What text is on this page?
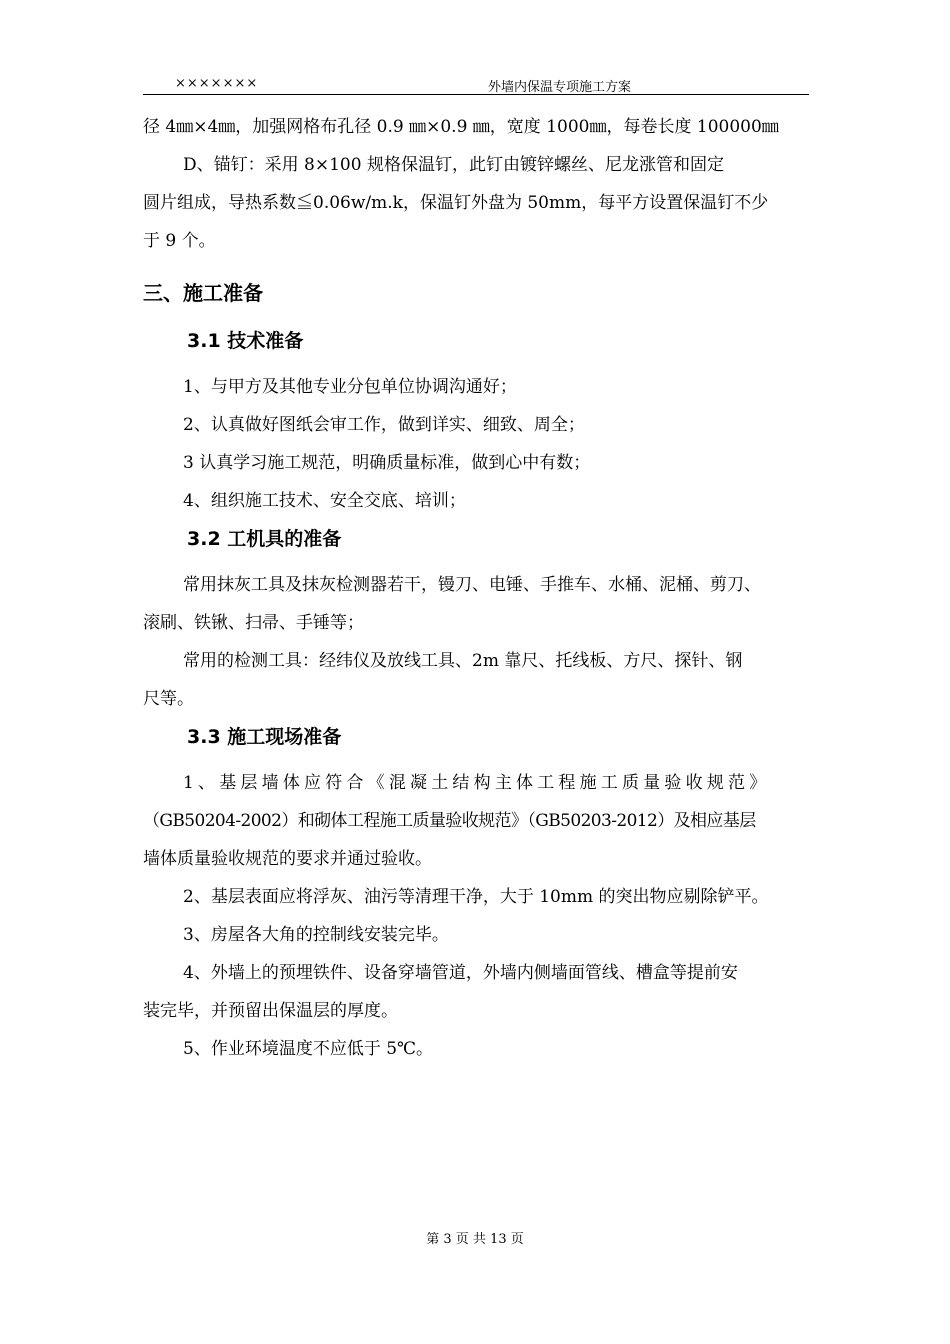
×××××××	外墙内保温专项施工方案

径 4㎜×4㎜，加强网格布孔径 0.9 ㎜×0.9 ㎜，宽度 1000㎜，每卷长度 100000㎜

D、锚钉：采用 8×100 规格保温钉，此钉由镀锌螺丝、尼龙涨管和固定

圆片组成，导热系数≦0.06w/m.k，保温钉外盘为 50mm，每平方设置保温钉不少

于 9 个。

三、施工准备

3.1 技术准备

1、与甲方及其他专业分包单位协调沟通好；

2、认真做好图纸会审工作，做到详实、细致、周全；

3 认真学习施工规范，明确质量标准，做到心中有数；

4、组织施工技术、安全交底、培训；

3.2 工机具的准备

常用抹灰工具及抹灰检测器若干，镘刀、电锤、手推车、水桶、泥桶、剪刀、

滚刷、铁锹、扫帚、手锤等；

常用的检测工具：经纬仪及放线工具、2m 靠尺、托线板、方尺、探针、钢

尺等。

3.3 施工现场准备

1、基层墙体应符合《混凝土结构主体工程施工质量验收规范》

（GB50204-2002）和砌体工程施工质量验收规范》（GB50203-2012）及相应基层

墙体质量验收规范的要求并通过验收。

2、基层表面应将浮灰、油污等清理干净，大于 10mm 的突出物应剔除铲平。

3、房屋各大角的控制线安装完毕。

4、外墙上的预埋铁件、设备穿墙管道，外墙内侧墙面管线、槽盒等提前安

装完毕，并预留出保温层的厚度。

5、作业环境温度不应低于 5℃。

第 3 页 共 13 页
